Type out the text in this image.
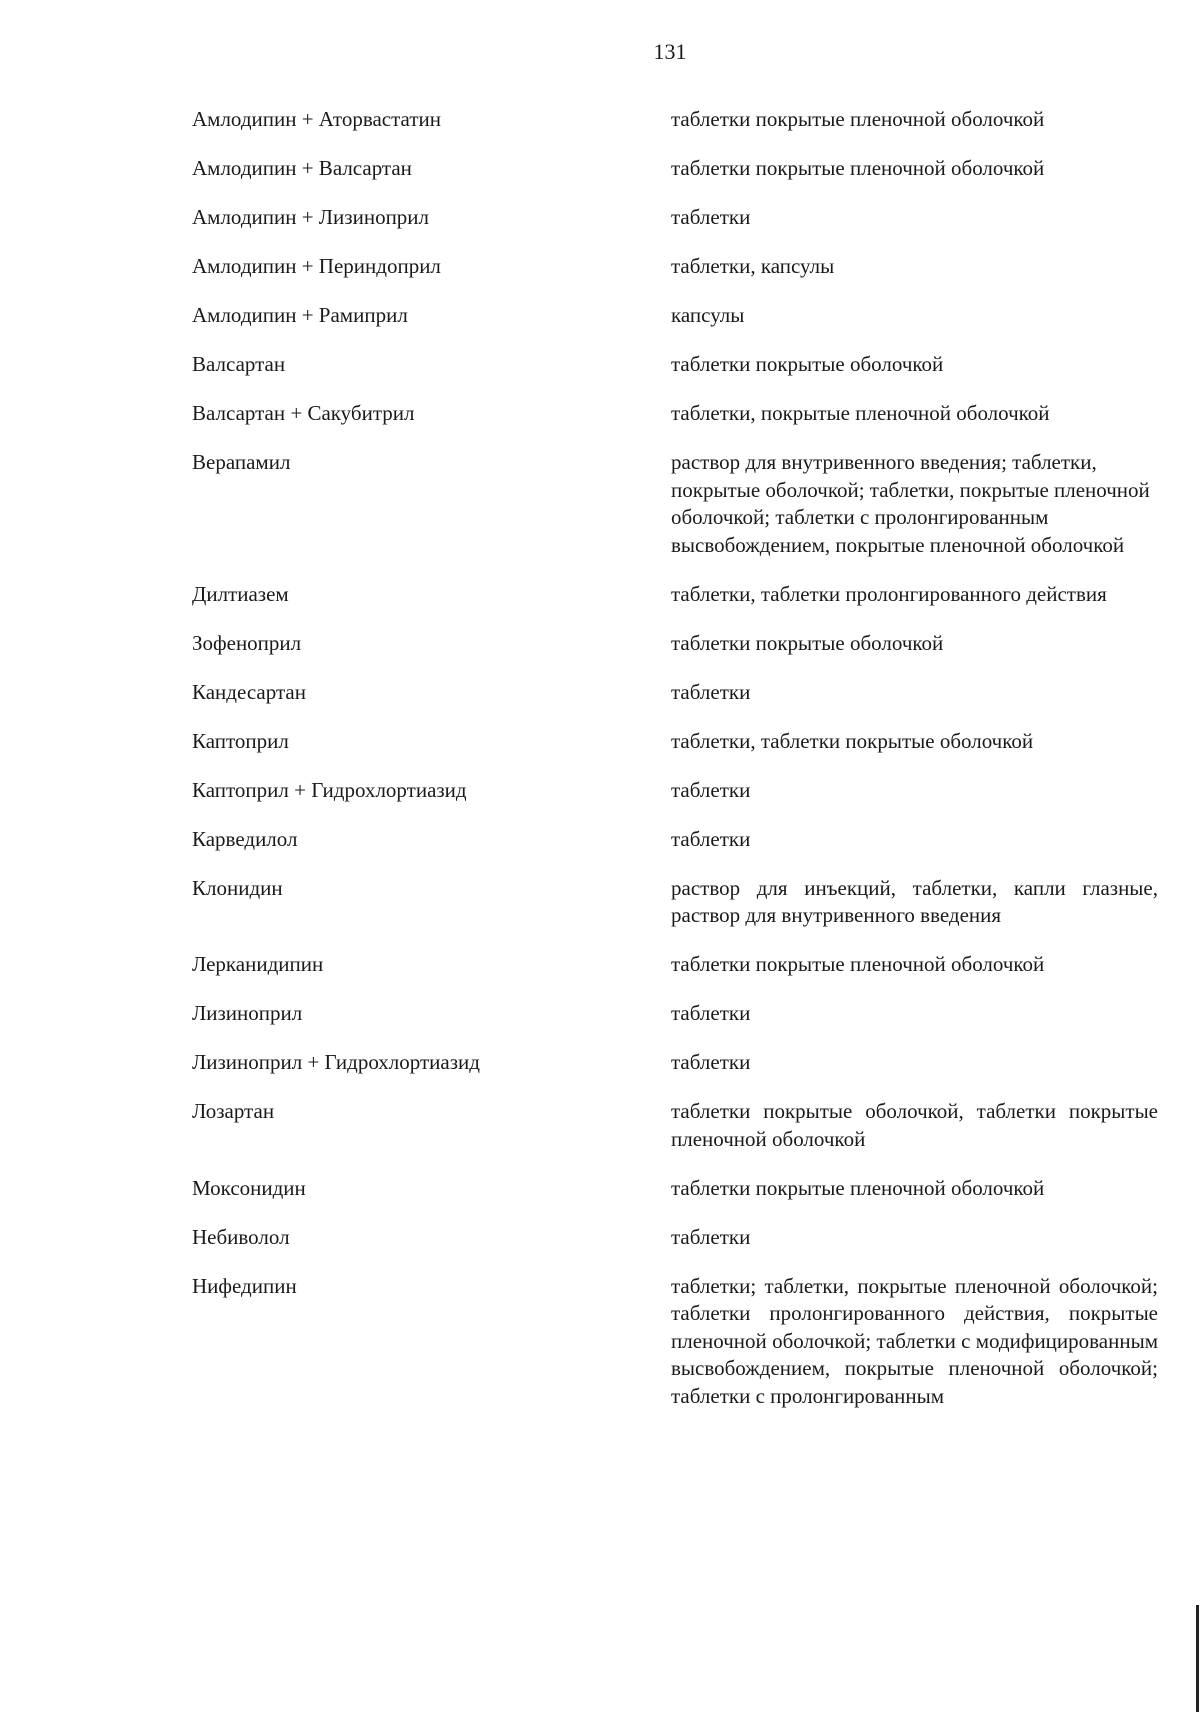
131

Амлодипин + Аторвастатин	таблетки покрытые пленочной оболочкой

Амлодипин + Валсартан	таблетки покрытые пленочной оболочкой

Амлодипин + Лизиноприл	таблетки

Амлодипин + Периндоприл	таблетки, капсулы

Амлодипин + Рамиприл	капсулы

Валсартан	таблетки покрытые оболочкой

Валсартан + Сакубитрил	таблетки, покрытые пленочной оболочкой

Верапамил	раствор для внутривенного введения; таблетки, покрытые оболочкой; таблетки, покрытые пленочной оболочкой; таблетки с пролонгированным высвобождением, покрытые пленочной оболочкой

Дилтиазем	таблетки, таблетки пролонгированного действия

Зофеноприл	таблетки покрытые оболочкой

Кандесартан	таблетки

Каптоприл	таблетки, таблетки покрытые оболочкой

Каптоприл + Гидрохлортиазид	таблетки

Карведилол	таблетки

Клонидин	раствор для инъекций, таблетки, капли глазные, раствор для внутривенного введения

Лерканидипин	таблетки покрытые пленочной оболочкой

Лизиноприл	таблетки

Лизиноприл + Гидрохлортиазид	таблетки

Лозартан	таблетки покрытые оболочкой, таблетки покрытые пленочной оболочкой

Моксонидин	таблетки покрытые пленочной оболочкой

Небиволол	таблетки

Нифедипин	таблетки; таблетки, покрытые пленочной оболочкой; таблетки пролонгированного действия, покрытые пленочной оболочкой; таблетки с модифицированным высвобождением, покрытые пленочной оболочкой; таблетки с пролонгированным
